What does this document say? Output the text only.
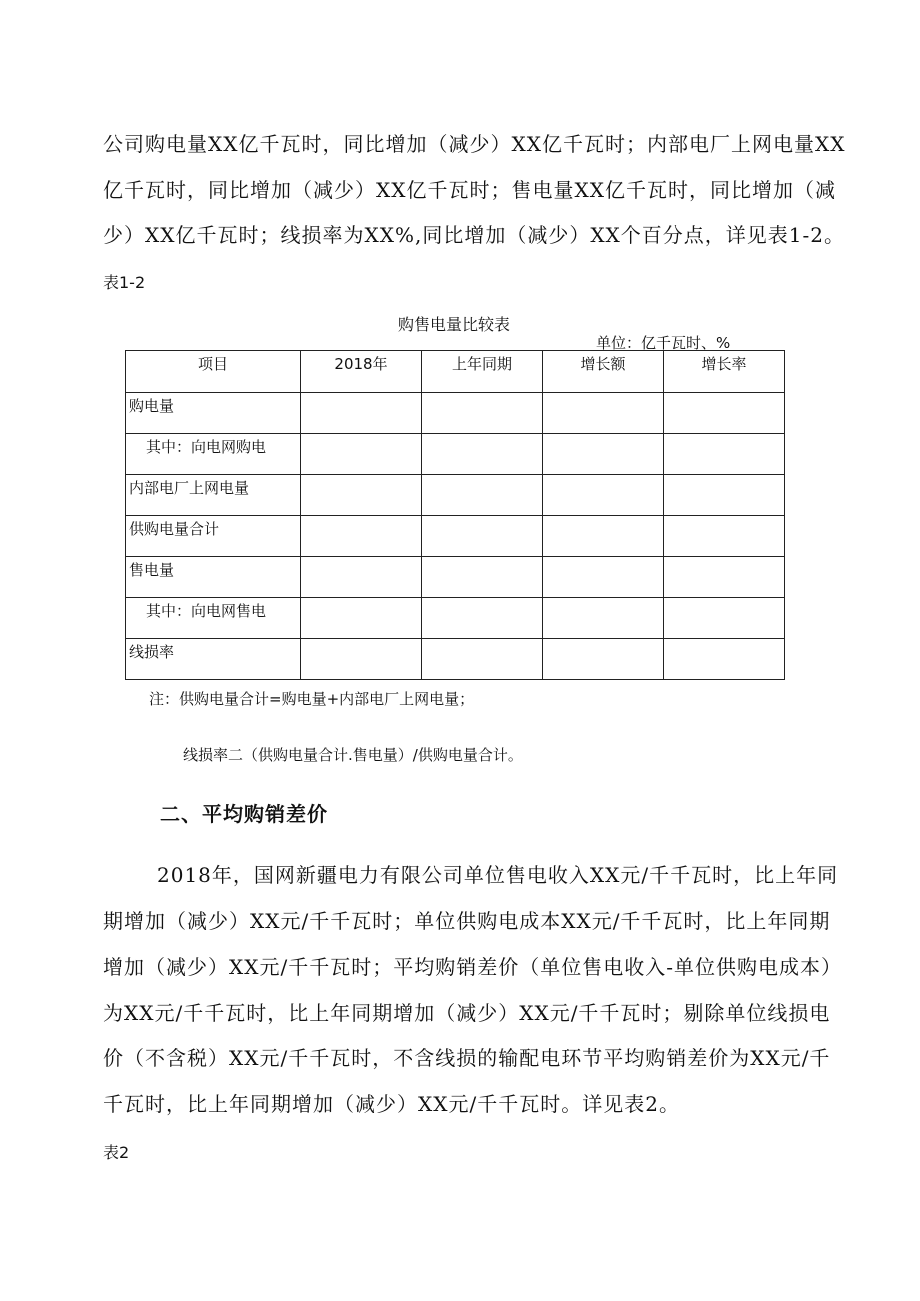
公司购电量XX亿千瓦时，同比增加（减少）XX亿千瓦时；内部电厂上网电量XX
亿千瓦时，同比增加（减少）XX亿千瓦时；售电量XX亿千瓦时，同比增加（减
少）XX亿千瓦时；线损率为XX%,同比增加（减少）XX个百分点，详见表1-2。
表1-2
购售电量比较表
单位：亿千瓦时、%
项目	2018年	上年同期	增长额	增长率
购电量				
其中：向电网购电				
内部电厂上网电量				
供购电量合计				
售电量				
其中：向电网售电				
线损率				
注：供购电量合计=购电量+内部电厂上网电量；
线损率二（供购电量合计.售电量）/供购电量合计。
二、平均购销差价
2018年，国网新疆电力有限公司单位售电收入XX元/千千瓦时，比上年同
期增加（减少）XX元/千千瓦时；单位供购电成本XX元/千千瓦时，比上年同期
增加（减少）XX元/千千瓦时；平均购销差价（单位售电收入-单位供购电成本）
为XX元/千千瓦时，比上年同期增加（减少）XX元/千千瓦时；剔除单位线损电
价（不含税）XX元/千千瓦时，不含线损的输配电环节平均购销差价为XX元/千
千瓦时，比上年同期增加（减少）XX元/千千瓦时。详见表2。
表2
